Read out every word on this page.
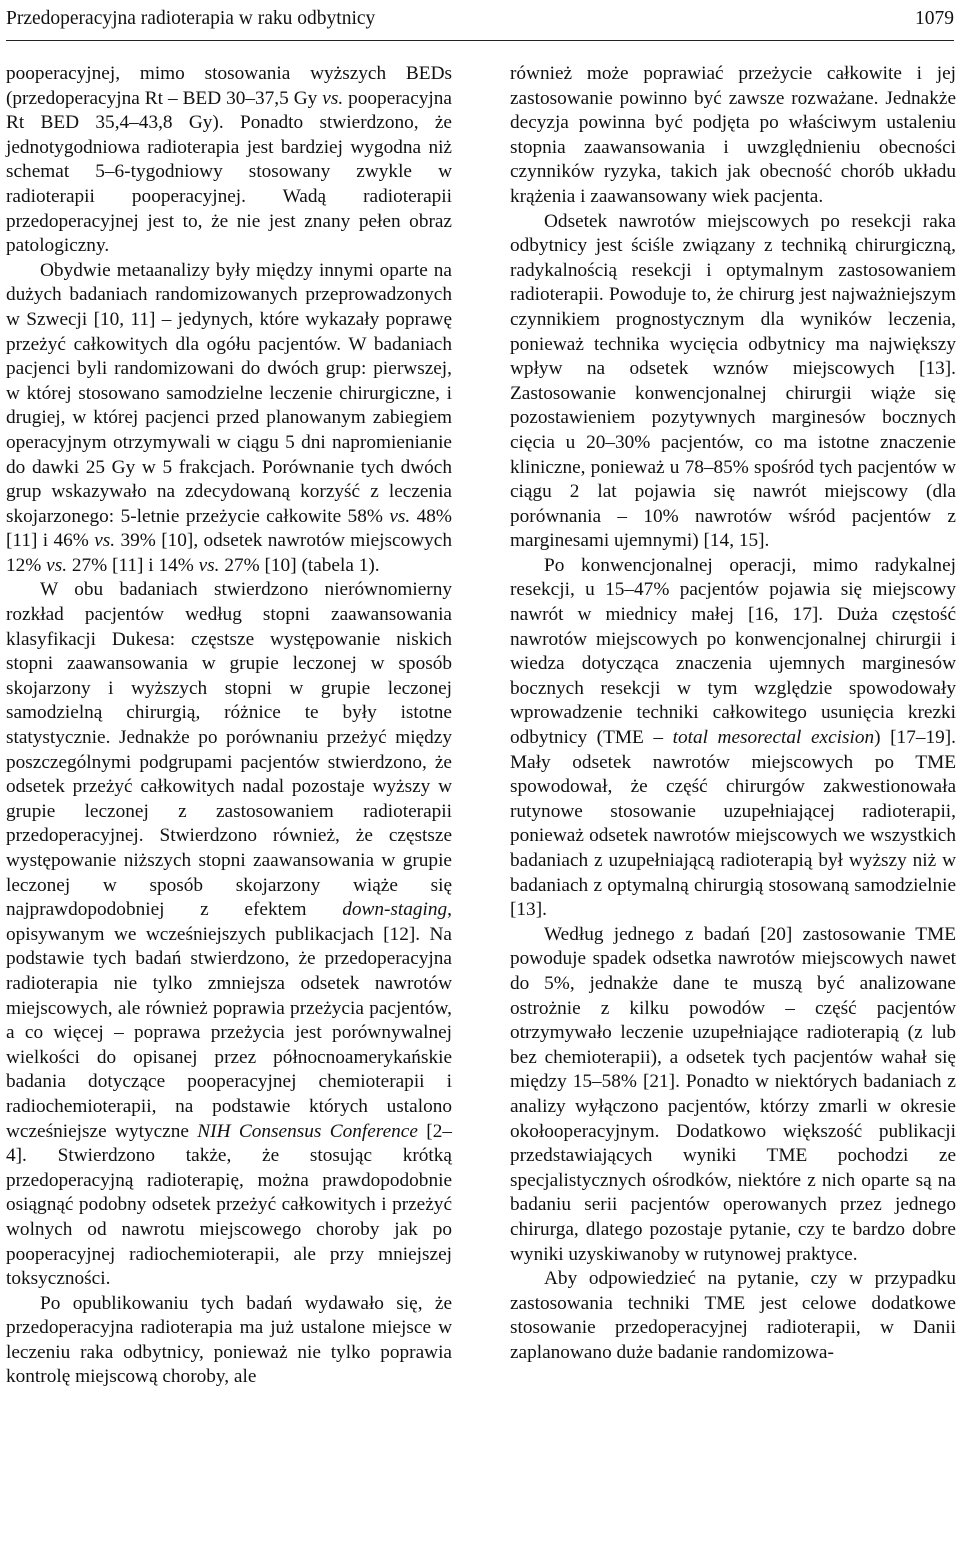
Przedoperacyjna radioterapia w raku odbytnicy	1079

pooperacyjnej, mimo stosowania wyższych BEDs (przedoperacyjna Rt – BED 30–37,5 Gy vs. pooperacyjna Rt BED 35,4–43,8 Gy). Ponadto stwierdzono, że jednotygodniowa radioterapia jest bardziej wygodna niż schemat 5–6-tygodniowy stosowany zwykle w radioterapii pooperacyjnej. Wadą radioterapii przedoperacyjnej jest to, że nie jest znany pełen obraz patologiczny.

Obydwie metaanalizy były między innymi oparte na dużych badaniach randomizowanych przeprowadzonych w Szwecji [10, 11] – jedynych, które wykazały poprawę przeżyć całkowitych dla ogółu pacjentów. W badaniach pacjenci byli randomizowani do dwóch grup: pierwszej, w której stosowano samodzielne leczenie chirurgiczne, i drugiej, w której pacjenci przed planowanym zabiegiem operacyjnym otrzymywali w ciągu 5 dni napromienianie do dawki 25 Gy w 5 frakcjach. Porównanie tych dwóch grup wskazywało na zdecydowaną korzyść z leczenia skojarzonego: 5-letnie przeżycie całkowite 58% vs. 48% [11] i 46% vs. 39% [10], odsetek nawrotów miejscowych 12% vs. 27% [11] i 14% vs. 27% [10] (tabela 1).

W obu badaniach stwierdzono nierównomierny rozkład pacjentów według stopni zaawansowania klasyfikacji Dukesa: częstsze występowanie niskich stopni zaawansowania w grupie leczonej w sposób skojarzony i wyższych stopni w grupie leczonej samodzielną chirurgią, różnice te były istotne statystycznie. Jednakże po porównaniu przeżyć między poszczególnymi podgrupami pacjentów stwierdzono, że odsetek przeżyć całkowitych nadal pozostaje wyższy w grupie leczonej z zastosowaniem radioterapii przedoperacyjnej. Stwierdzono również, że częstsze występowanie niższych stopni zaawansowania w grupie leczonej w sposób skojarzony wiąże się najprawdopodobniej z efektem down-staging, opisywanym we wcześniejszych publikacjach [12]. Na podstawie tych badań stwierdzono, że przedoperacyjna radioterapia nie tylko zmniejsza odsetek nawrotów miejscowych, ale również poprawia przeżycia pacjentów, a co więcej – poprawa przeżycia jest porównywalnej wielkości do opisanej przez północnoamerykańskie badania dotyczące pooperacyjnej chemioterapii i radiochemioterapii, na podstawie których ustalono wcześniejsze wytyczne NIH Consensus Conference [2–4]. Stwierdzono także, że stosując krótką przedoperacyjną radioterapię, można prawdopodobnie osiągnąć podobny odsetek przeżyć całkowitych i przeżyć wolnych od nawrotu miejscowego choroby jak po pooperacyjnej radiochemioterapii, ale przy mniejszej toksyczności.

Po opublikowaniu tych badań wydawało się, że przedoperacyjna radioterapia ma już ustalone miejsce w leczeniu raka odbytnicy, ponieważ nie tylko poprawia kontrolę miejscową choroby, ale

również może poprawiać przeżycie całkowite i jej zastosowanie powinno być zawsze rozważane. Jednakże decyzja powinna być podjęta po właściwym ustaleniu stopnia zaawansowania i uwzględnieniu obecności czynników ryzyka, takich jak obecność chorób układu krążenia i zaawansowany wiek pacjenta.

Odsetek nawrotów miejscowych po resekcji raka odbytnicy jest ściśle związany z techniką chirurgiczną, radykalnością resekcji i optymalnym zastosowaniem radioterapii. Powoduje to, że chirurg jest najważniejszym czynnikiem prognostycznym dla wyników leczenia, ponieważ technika wycięcia odbytnicy ma największy wpływ na odsetek wznów miejscowych [13]. Zastosowanie konwencjonalnej chirurgii wiąże się pozostawieniem pozytywnych marginesów bocznych cięcia u 20–30% pacjentów, co ma istotne znaczenie kliniczne, ponieważ u 78–85% spośród tych pacjentów w ciągu 2 lat pojawia się nawrót miejscowy (dla porównania – 10% nawrotów wśród pacjentów z marginesami ujemnymi) [14, 15].

Po konwencjonalnej operacji, mimo radykalnej resekcji, u 15–47% pacjentów pojawia się miejscowy nawrót w miednicy małej [16, 17]. Duża częstość nawrotów miejscowych po konwencjonalnej chirurgii i wiedza dotycząca znaczenia ujemnych marginesów bocznych resekcji w tym względzie spowodowały wprowadzenie techniki całkowitego usunięcia krezki odbytnicy (TME – total mesorectal excision) [17–19]. Mały odsetek nawrotów miejscowych po TME spowodował, że część chirurgów zakwestionowała rutynowe stosowanie uzupełniającej radioterapii, ponieważ odsetek nawrotów miejscowych we wszystkich badaniach z uzupełniającą radioterapią był wyższy niż w badaniach z optymalną chirurgią stosowaną samodzielnie [13].

Według jednego z badań [20] zastosowanie TME powoduje spadek odsetka nawrotów miejscowych nawet do 5%, jednakże dane te muszą być analizowane ostrożnie z kilku powodów – część pacjentów otrzymywało leczenie uzupełniające radioterapią (z lub bez chemioterapii), a odsetek tych pacjentów wahał się między 15–58% [21]. Ponadto w niektórych badaniach z analizy wyłączono pacjentów, którzy zmarli w okresie okołooperacyjnym. Dodatkowo większość publikacji przedstawiających wyniki TME pochodzi ze specjalistycznych ośrodków, niektóre z nich oparte są na badaniu serii pacjentów operowanych przez jednego chirurga, dlatego pozostaje pytanie, czy te bardzo dobre wyniki uzyskiwanoby w rutynowej praktyce.

Aby odpowiedzieć na pytanie, czy w przypadku zastosowania techniki TME jest celowe dodatkowe stosowanie przedoperacyjnej radioterapii, w Danii zaplanowano duże badanie randomizowa-
